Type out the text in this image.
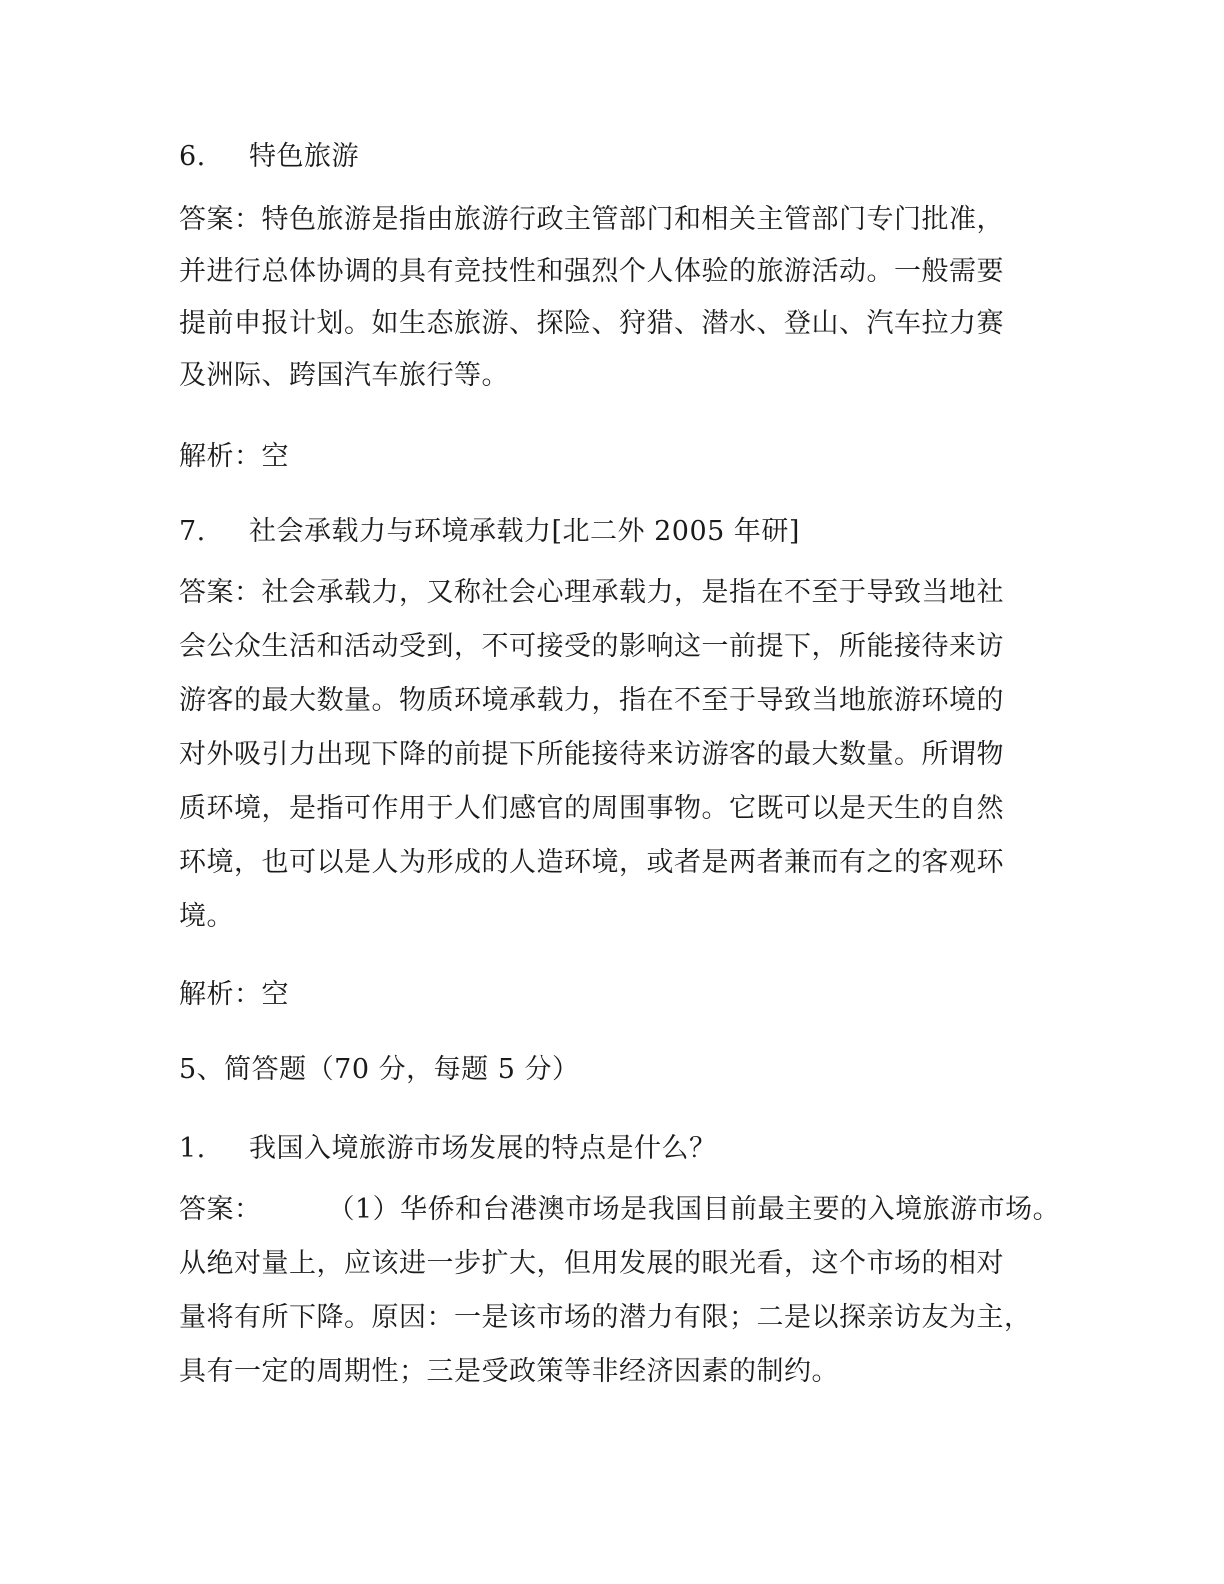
6. 特色旅游
答案：特色旅游是指由旅游行政主管部门和相关主管部门专门批准，
并进行总体协调的具有竞技性和强烈个人体验的旅游活动。一般需要
提前申报计划。如生态旅游、探险、狩猎、潜水、登山、汽车拉力赛
及洲际、跨国汽车旅行等。
解析：空
7. 社会承载力与环境承载力[北二外 2005 年研]
答案：社会承载力，又称社会心理承载力，是指在不至于导致当地社
会公众生活和活动受到，不可接受的影响这一前提下，所能接待来访
游客的最大数量。物质环境承载力，指在不至于导致当地旅游环境的
对外吸引力出现下降的前提下所能接待来访游客的最大数量。所谓物
质环境，是指可作用于人们感官的周围事物。它既可以是天生的自然
环境，也可以是人为形成的人造环境，或者是两者兼而有之的客观环
境。
解析：空
5、简答题（70 分，每题 5 分）
1. 我国入境旅游市场发展的特点是什么？
答案： （1）华侨和台港澳市场是我国目前最主要的入境旅游市场。
从绝对量上，应该进一步扩大，但用发展的眼光看，这个市场的相对
量将有所下降。原因：一是该市场的潜力有限；二是以探亲访友为主，
具有一定的周期性；三是受政策等非经济因素的制约。
